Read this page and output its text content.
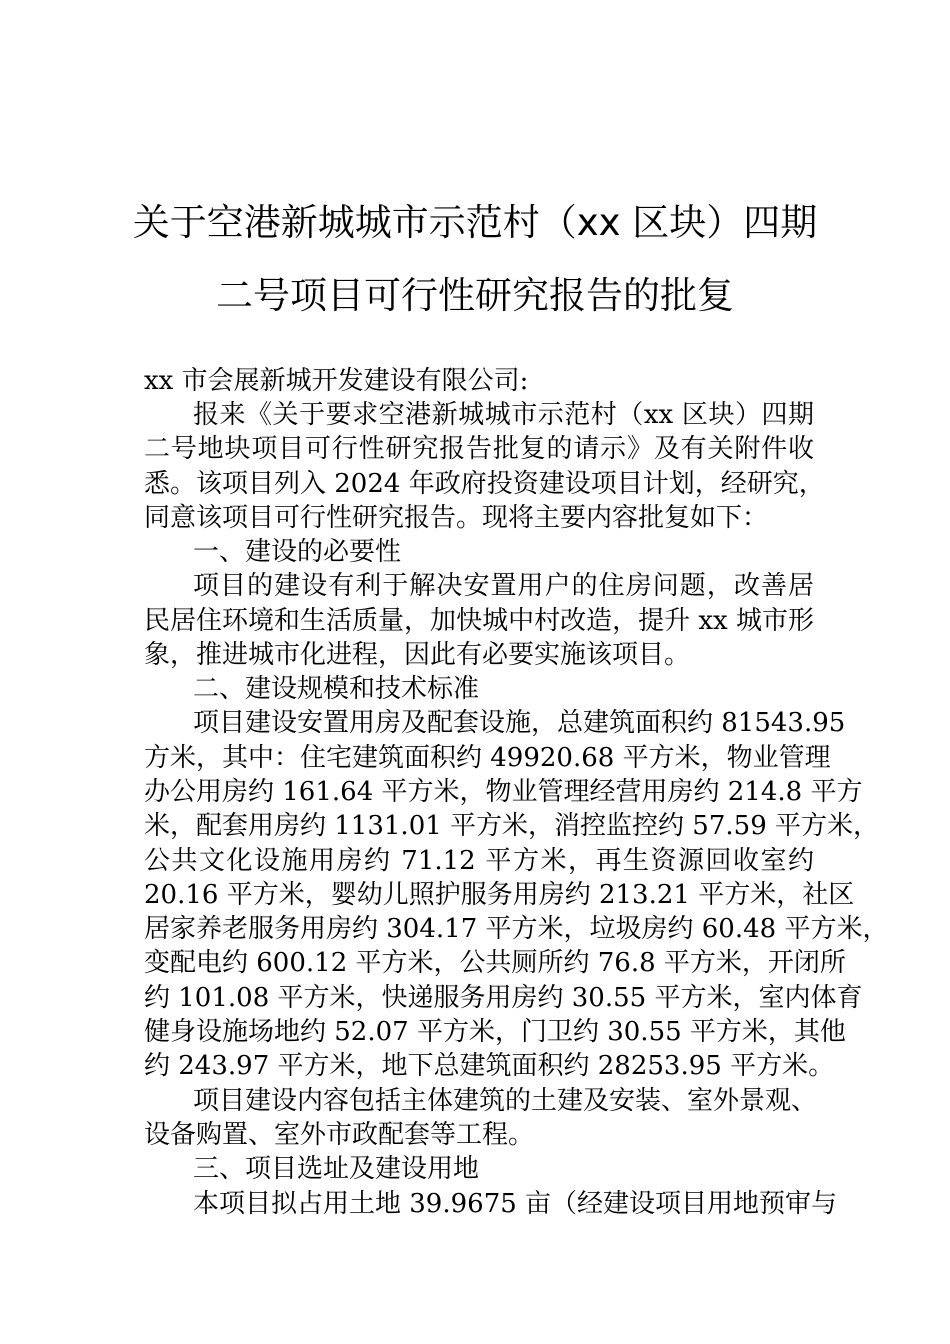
关于空港新城城市示范村（xx 区块）四期
二号项目可行性研究报告的批复
xx 市会展新城开发建设有限公司:
报来《关于要求空港新城城市示范村（xx 区块）四期
二号地块项目可行性研究报告批复的请示》及有关附件收
悉。该项目列入 2024 年政府投资建设项目计划，经研究，
同意该项目可行性研究报告。现将主要内容批复如下：
一、建设的必要性
项目的建设有利于解决安置用户的住房问题，改善居
民居住环境和生活质量，加快城中村改造，提升 xx 城市形
象，推进城市化进程，因此有必要实施该项目。
二、建设规模和技术标准
项目建设安置用房及配套设施，总建筑面积约 81543.95
方米，其中：住宅建筑面积约 49920.68 平方米，物业管理
办公用房约 161.64 平方米，物业管理经营用房约 214.8 平方
米，配套用房约 1131.01 平方米，消控监控约 57.59 平方米，
公共文化设施用房约 71.12 平方米，再生资源回收室约
20.16 平方米，婴幼儿照护服务用房约 213.21 平方米，社区
居家养老服务用房约 304.17 平方米，垃圾房约 60.48 平方米，
变配电约 600.12 平方米，公共厕所约 76.8 平方米，开闭所
约 101.08 平方米，快递服务用房约 30.55 平方米，室内体育
健身设施场地约 52.07 平方米，门卫约 30.55 平方米，其他
约 243.97 平方米，地下总建筑面积约 28253.95 平方米。
项目建设内容包括主体建筑的土建及安装、室外景观、
设备购置、室外市政配套等工程。
三、项目选址及建设用地
本项目拟占用土地 39.9675 亩（经建设项目用地预审与
